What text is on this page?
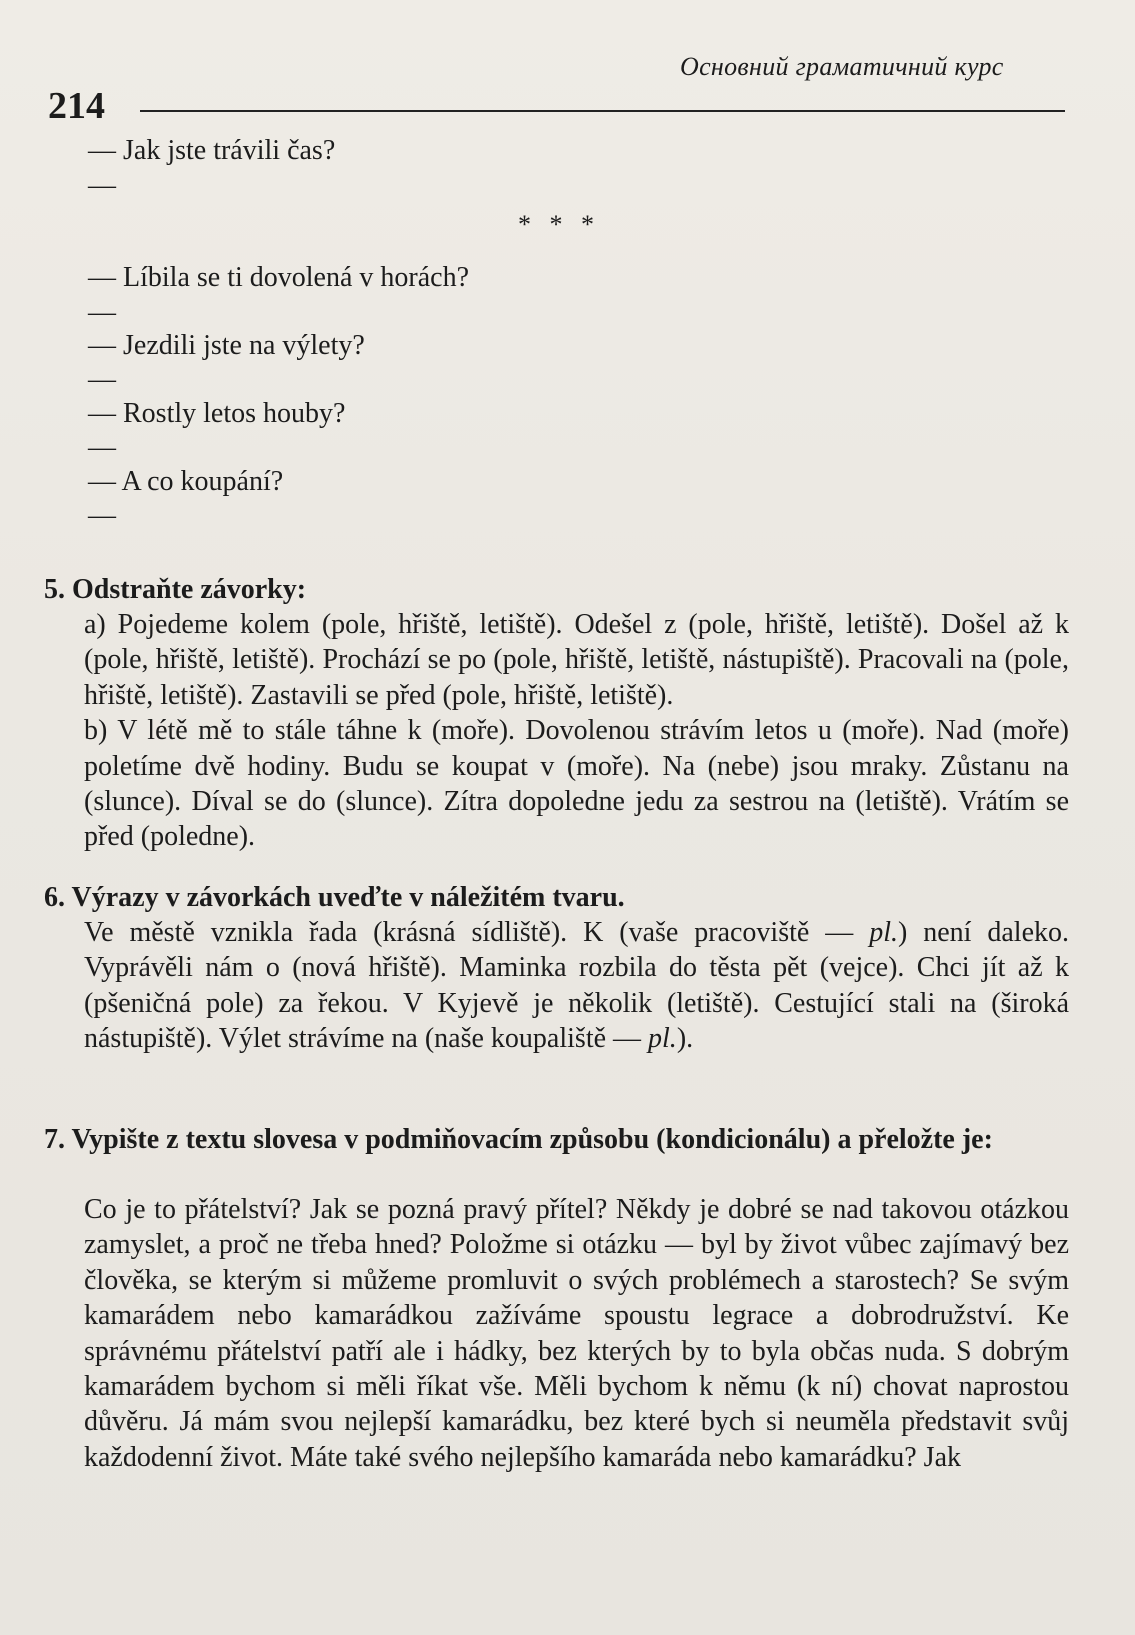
Основний граматичний курс
214
— Jak jste trávili čas?
—
* * *
— Líbila se ti dovolená v horách?
—
— Jezdili jste na výlety?
—
— Rostly letos houby?
—
— A co koupání?
—
5. Odstraňte závorky:

a) Pojedeme kolem (pole, hřiště, letiště). Odešel z (pole, hřiště, letiště). Došel až k (pole, hřiště, letiště). Prochází se po (pole, hřiště, letiště, nástupiště). Pracovali na (pole, hřiště, letiště). Zastavili se před (pole, hřiště, letiště).

b) V létě mě to stále táhne k (moře). Dovolenou strávím letos u (moře). Nad (moře) poletíme dvě hodiny. Budu se koupat v (moře). Na (nebe) jsou mraky. Zůstanu na (slunce). Díval se do (slunce). Zítra dopoledne jedu za sestrou na (letiště). Vrátím se před (poledne).

6. Výrazy v závorkách uveďte v náležitém tvaru.
Ve městě vznikla řada (krásná sídliště). K (vaše pracoviště — pl.) není daleko. Vyprávěli nám o (nová hřiště). Maminka rozbila do těsta pět (vejce). Chci jít až k (pšeničná pole) za řekou. V Kyjevě je několik (letiště). Cestující stali na (široká nástupiště). Výlet strávíme na (naše koupaliště — pl.).
7. Vypište z textu slovesa v podmiňovacím způsobu (kondicionálu) a přeložte je:
Co je to přátelství? Jak se pozná pravý přítel? Někdy je dobré se nad takovou otázkou zamyslet, a proč ne třeba hned? Položme si otázku — byl by život vůbec zajímavý bez člověka, se kterým si můžeme promluvit o svých problémech a starostech? Se svým kamarádem nebo kamarádkou zažíváme spoustu legrace a dobrodružství. Ke správnému přátelství patří ale i hádky, bez kterých by to byla občas nuda. S dobrým kamarádem bychom si měli říkat vše. Měli bychom k němu (k ní) chovat naprostou důvěru. Já mám svou nejlepší kamarádku, bez které bych si neuměla představit svůj každodenní život. Máte také svého nejlepšího kamaráda nebo kamarádku? Jak
